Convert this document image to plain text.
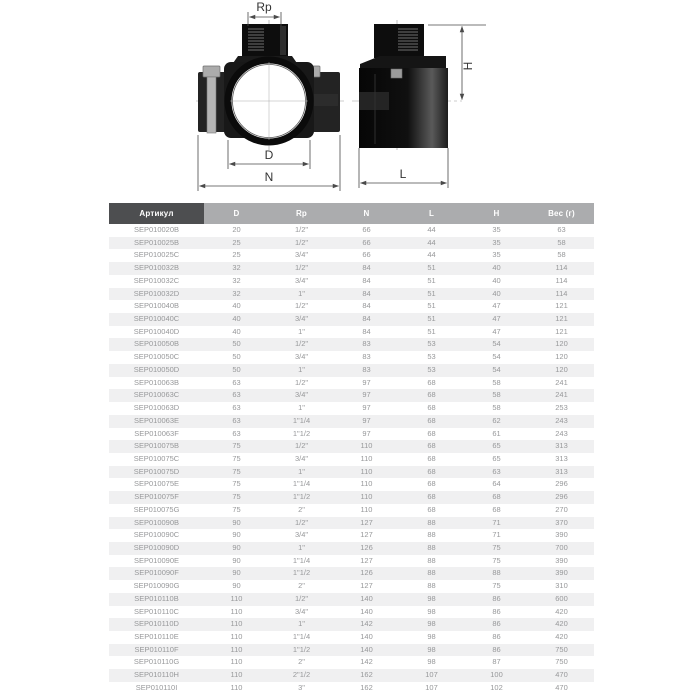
Rp
D
N
H
L
Артикул	D	Rp	N	L	H	Вес (г)
SEP010020B	20	1/2"	66	44	35	63
SEP010025B	25	1/2"	66	44	35	58
SEP010025C	25	3/4"	66	44	35	58
SEP010032B	32	1/2"	84	51	40	114
SEP010032C	32	3/4"	84	51	40	114
SEP010032D	32	1"	84	51	40	114
SEP010040B	40	1/2"	84	51	47	121
SEP010040C	40	3/4"	84	51	47	121
SEP010040D	40	1"	84	51	47	121
SEP010050B	50	1/2"	83	53	54	120
SEP010050C	50	3/4"	83	53	54	120
SEP010050D	50	1"	83	53	54	120
SEP010063B	63	1/2"	97	68	58	241
SEP010063C	63	3/4"	97	68	58	241
SEP010063D	63	1"	97	68	58	253
SEP010063E	63	1"1/4	97	68	62	243
SEP010063F	63	1"1/2	97	68	61	243
SEP010075B	75	1/2"	110	68	65	313
SEP010075C	75	3/4"	110	68	65	313
SEP010075D	75	1"	110	68	63	313
SEP010075E	75	1"1/4	110	68	64	296
SEP010075F	75	1"1/2	110	68	68	296
SEP010075G	75	2"	110	68	68	270
SEP010090B	90	1/2"	127	88	71	370
SEP010090C	90	3/4"	127	88	71	390
SEP010090D	90	1"	126	88	75	700
SEP010090E	90	1"1/4	127	88	75	390
SEP010090F	90	1"1/2	126	88	88	390
SEP010090G	90	2"	127	88	75	310
SEP010110B	110	1/2"	140	98	86	600
SEP010110C	110	3/4"	140	98	86	420
SEP010110D	110	1"	142	98	86	420
SEP010110E	110	1"1/4	140	98	86	420
SEP010110F	110	1"1/2	140	98	86	750
SEP010110G	110	2"	142	98	87	750
SEP010110H	110	2"1/2	162	107	100	470
SEP010110I	110	3"	162	107	102	470
